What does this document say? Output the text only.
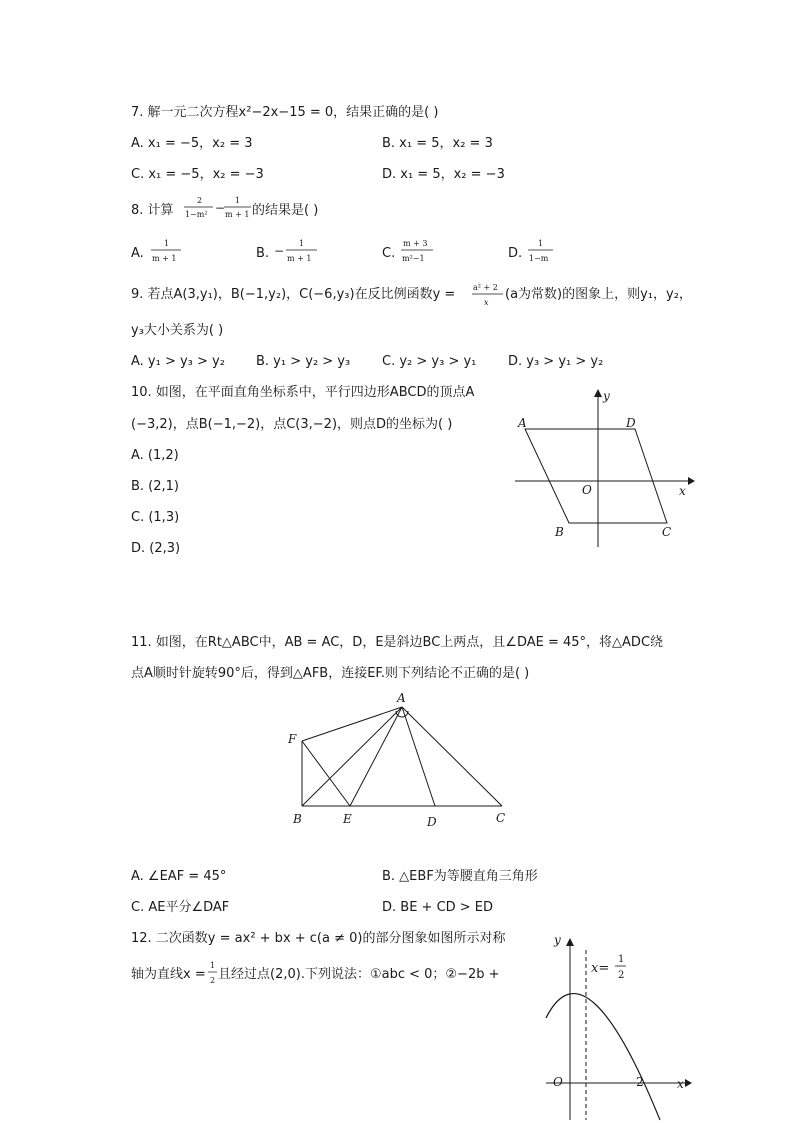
7. 解一元二次方程x²−2x−15 = 0，结果正确的是( )
A. x₁ = −5，x₂ = 3	B. x₁ = 5，x₂ = 3
C. x₁ = −5，x₂ = −3	D. x₁ = 5，x₂ = −3
8. 计算
2
1−m² −
1
m + 1 的结果是( )
A.
1
m + 1	B. −
1
m + 1	C.
m + 3
m²−1	D.
1
1−m
9. 若点A(3,y₁)，B(−1,y₂)，C(−6,y₃)在反比例函数y = a² + 2
x
(a为常数)的图象上，则y₁，y₂，
y₃大小关系为( )
A. y₁ > y₃ > y₂ B. y₁ > y₂ > y₃ C. y₂ > y₃ > y₁ D. y₃ > y₁ > y₂
10. 如图，在平面直角坐标系中，平行四边形ABCD的顶点A
(−3,2)，点B(−1,−2)，点C(3,−2)，则点D的坐标为( )
A. (1,2)
B. (2,1)
C. (1,3)
D. (2,3)
A	D
B	C
O	x
y
11. 如图，在Rt△ABC中，AB = AC，D，E是斜边BC上两点，且∠DAE = 45°，将△ADC绕
点A顺时针旋转90°后，得到△AFB，连接EF.则下列结论不正确的是( )
A
F
B	E	D	C
A. ∠EAF = 45°	B. △EBF为等腰直角三角形
C. AE平分∠DAF	D. BE + CD > ED
12. 二次函数y = ax² + bx + c(a ≠ 0)的部分图象如图所示对称
轴为直线x =
1
2 且经过点(2,0).下列说法：①abc < 0；②−2b +
y
x
O	2
x=
1
2
